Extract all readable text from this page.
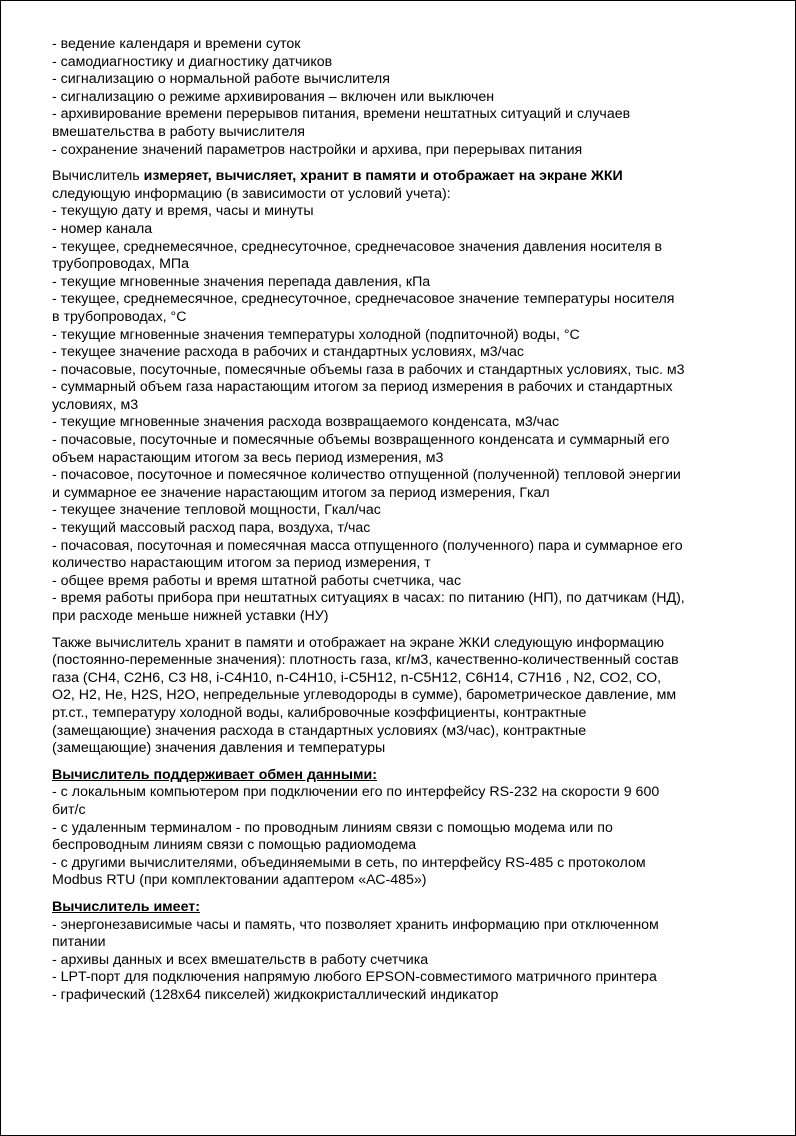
- ведение календаря и времени суток
- самодиагностику и диагностику датчиков
- сигнализацию о нормальной работе вычислителя
- сигнализацию о режиме архивирования – включен или выключен
- архивирование времени перерывов питания, времени нештатных ситуаций и случаев
вмешательства в работу вычислителя
- сохранение значений параметров настройки и архива, при перерывах питания
Вычислитель измеряет, вычисляет, хранит в памяти и отображает на экране ЖКИ
следующую информацию (в зависимости от условий учета):
- текущую дату и время, часы и минуты
- номер канала
- текущее, среднемесячное, среднесуточное, среднечасовое значения давления носителя в
трубопроводах, МПа
- текущие мгновенные значения перепада давления, кПа
- текущее, среднемесячное, среднесуточное, среднечасовое значение температуры носителя
в трубопроводах, °С
- текущие мгновенные значения температуры холодной (подпиточной) воды, °С
- текущее значение расхода в рабочих и стандартных условиях, м3/час
- почасовые, посуточные, помесячные объемы газа в рабочих и стандартных условиях, тыс. м3
- суммарный объем газа нарастающим итогом за период измерения в рабочих и стандартных
условиях, м3
- текущие мгновенные значения расхода возвращаемого конденсата, м3/час
- почасовые, посуточные и помесячные объемы возвращенного конденсата и суммарный его
объем нарастающим итогом за весь период измерения, м3
- почасовое, посуточное и помесячное количество отпущенной (полученной) тепловой энергии
и суммарное ее значение нарастающим итогом за период измерения, Гкал
- текущее значение тепловой мощности, Гкал/час
- текущий массовый расход пара, воздуха, т/час
- почасовая, посуточная и помесячная масса отпущенного (полученного) пара и суммарное его
количество нарастающим итогом за период измерения, т
- общее время работы и время штатной работы счетчика, час
- время работы прибора при нештатных ситуациях в часах: по питанию (НП), по датчикам (НД),
при расходе меньше нижней уставки (НУ)
Также вычислитель хранит в памяти и отображает на экране ЖКИ следующую информацию
(постоянно-переменные значения): плотность газа, кг/м3, качественно-количественный состав
газа (СН4, С2Н6, С3 Н8, i-С4Н10, n-С4Н10, i-С5Н12, n-С5Н12, С6Н14, С7Н16 , N2, СО2, СО,
О2, Н2, Не, Н2S, Н2О, непредельные углеводороды в сумме), барометрическое давление, мм
рт.ст., температуру холодной воды, калибровочные коэффициенты, контрактные
(замещающие) значения расхода в стандартных условиях (м3/час), контрактные
(замещающие) значения давления и температуры
Вычислитель поддерживает обмен данными:
- с локальным компьютером при подключении его по интерфейсу RS-232 на скорости 9 600
бит/с
- с удаленным терминалом - по проводным линиям связи с помощью модема или по
беспроводным линиям связи с помощью радиомодема
- с другими вычислителями, объединяемыми в сеть, по интерфейсу RS-485 с протоколом
Modbus RTU (при комплектовании адаптером «АС-485»)
Вычислитель имеет:
- энергонезависимые часы и память, что позволяет хранить информацию при отключенном
питании
- архивы данных и всех вмешательств в работу счетчика
- LPT-порт для подключения напрямую любого EPSON-совместимого матричного принтера
- графический (128х64 пикселей) жидкокристаллический индикатор
